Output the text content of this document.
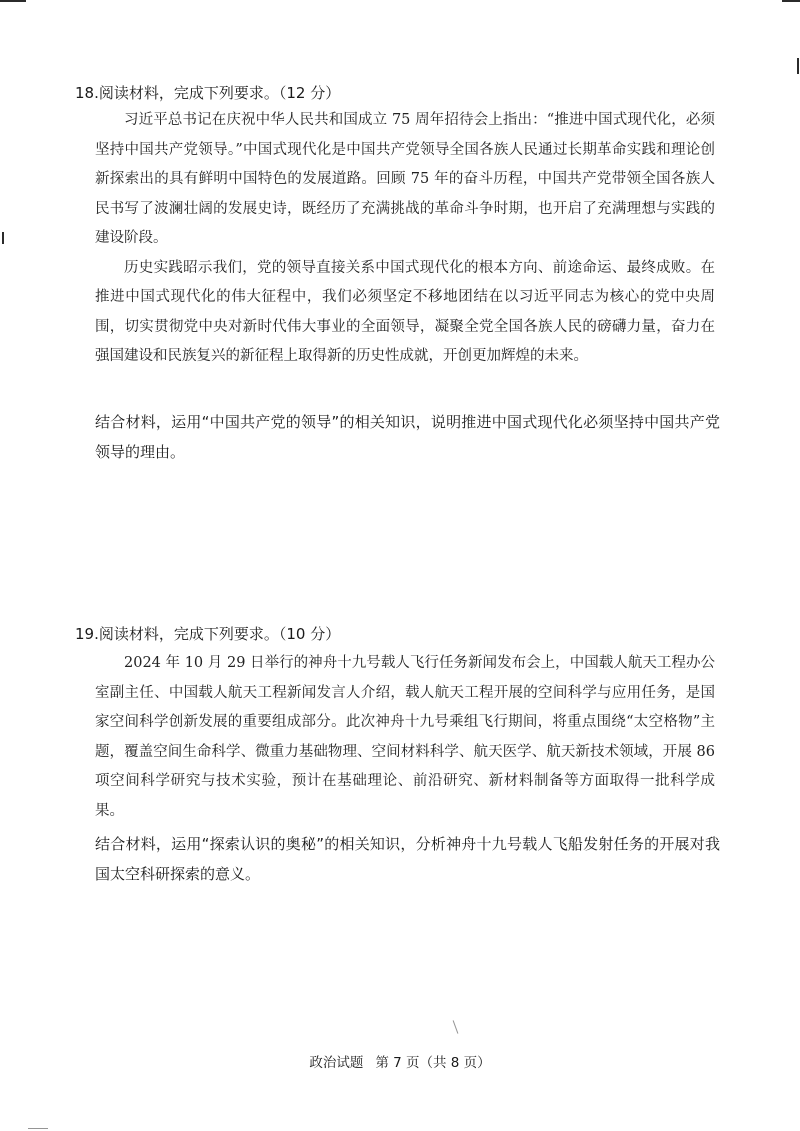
18.阅读材料，完成下列要求。（12 分）

习近平总书记在庆祝中华人民共和国成立 75 周年招待会上指出：“推进中国式现代化，必须坚持中国共产党领导。”中国式现代化是中国共产党领导全国各族人民通过长期革命实践和理论创新探索出的具有鲜明中国特色的发展道路。回顾 75 年的奋斗历程，中国共产党带领全国各族人民书写了波澜壮阔的发展史诗，既经历了充满挑战的革命斗争时期，也开启了充满理想与实践的建设阶段。

历史实践昭示我们，党的领导直接关系中国式现代化的根本方向、前途命运、最终成败。在推进中国式现代化的伟大征程中，我们必须坚定不移地团结在以习近平同志为核心的党中央周围，切实贯彻党中央对新时代伟大事业的全面领导，凝聚全党全国各族人民的磅礴力量，奋力在强国建设和民族复兴的新征程上取得新的历史性成就，开创更加辉煌的未来。

结合材料，运用“中国共产党的领导”的相关知识，说明推进中国式现代化必须坚持中国共产党领导的理由。

19.阅读材料，完成下列要求。（10 分）

2024 年 10 月 29 日举行的神舟十九号载人飞行任务新闻发布会上，中国载人航天工程办公室副主任、中国载人航天工程新闻发言人介绍，载人航天工程开展的空间科学与应用任务，是国家空间科学创新发展的重要组成部分。此次神舟十九号乘组飞行期间，将重点围绕“太空格物”主题，覆盖空间生命科学、微重力基础物理、空间材料科学、航天医学、航天新技术领域，开展 86 项空间科学研究与技术实验，预计在基础理论、前沿研究、新材料制备等方面取得一批科学成果。

结合材料，运用“探索认识的奥秘”的相关知识，分析神舟十九号载人飞船发射任务的开展对我国太空科研探索的意义。

政治试题 第 7 页（共 8 页）
